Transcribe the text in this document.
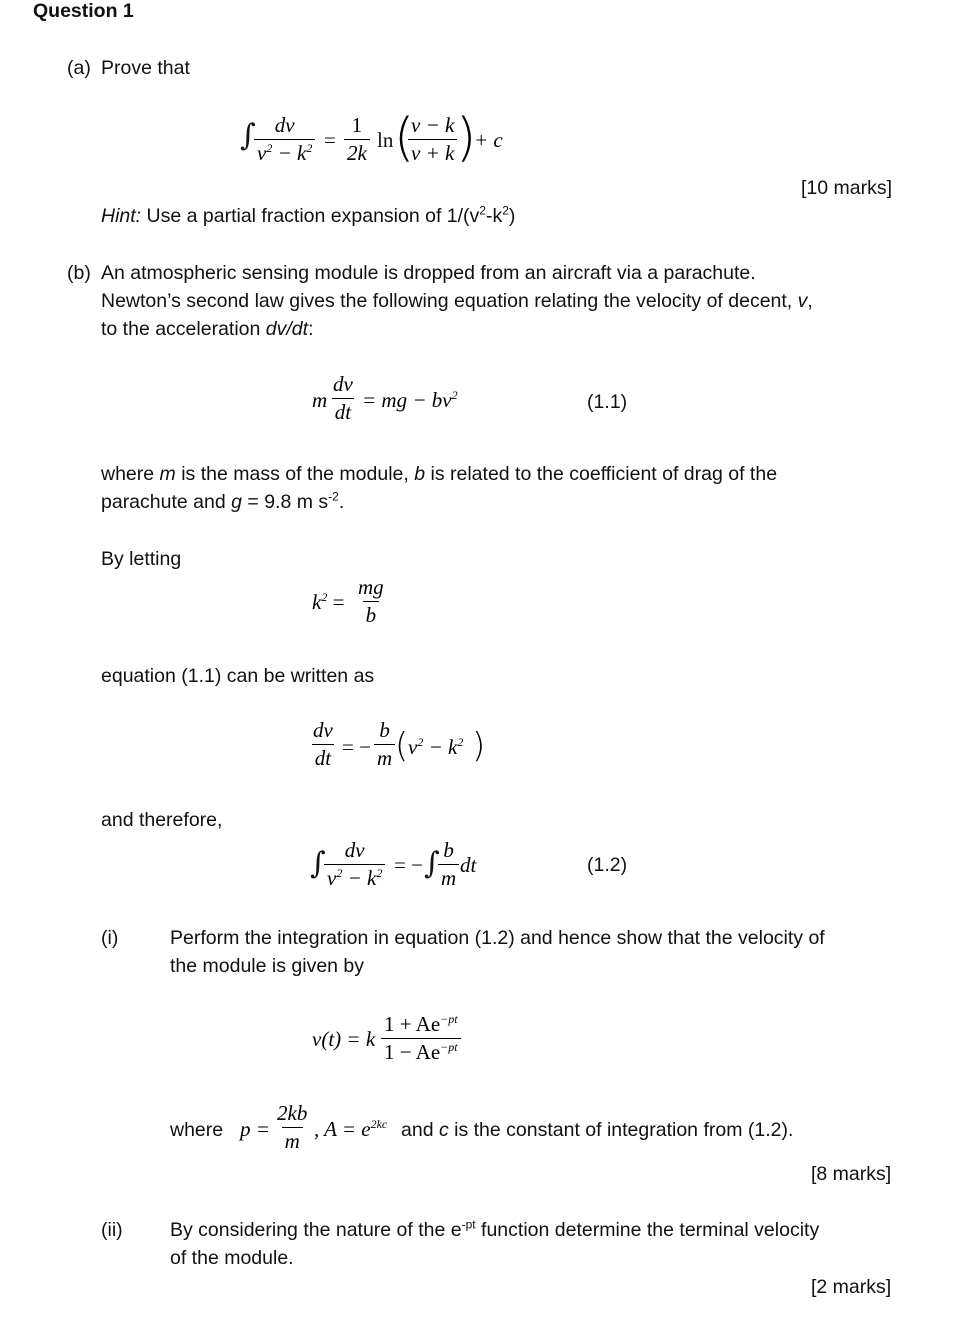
Question 1
(a) Prove that
∫
$\frac{dv}{v^2 - k^2} = \frac{1}{2k}$ ln (
$\frac{v - k}{v + k}$
)
+ c
[10 marks]
Hint: Use a partial fraction expansion of $1/(v^2-k^2)$
(b) An atmospheric sensing module is dropped from an aircraft via a parachute.
Newton’s second law gives the following equation relating the velocity of decent, v,
to the acceleration dv/dt:
m $\frac{dv}{dt}$ = mg − $bv^2$	(1.1)
where m is the mass of the module, b is related to the coefficient of drag of the
parachute and g = 9.8 m $s^{-2}$.
By letting
$k^2 = \frac{mg}{b}$
equation (1.1) can be written as
$\frac{dv}{dt}$ = − $\frac{b}{m}$ ( $v^2 - k^2$ )
and therefore,
∫
$\frac{dv}{v^2 - k^2}$ = − ∫
$\frac{b}{m}$ dt	(1.2)
(i)	Perform the integration in equation (1.2) and hence show that the velocity of
the module is given by
v(t) = k $\frac{1 + Ae^{-pt}}{1 - Ae^{-pt}}$
where $p = \frac{2kb}{m}$ , $A = e^{2kc}$ and c is the constant of integration from (1.2).
[8 marks]
(ii) By considering the nature of the $e^{-pt}$ function determine the terminal velocity
of the module.
[2 marks]
